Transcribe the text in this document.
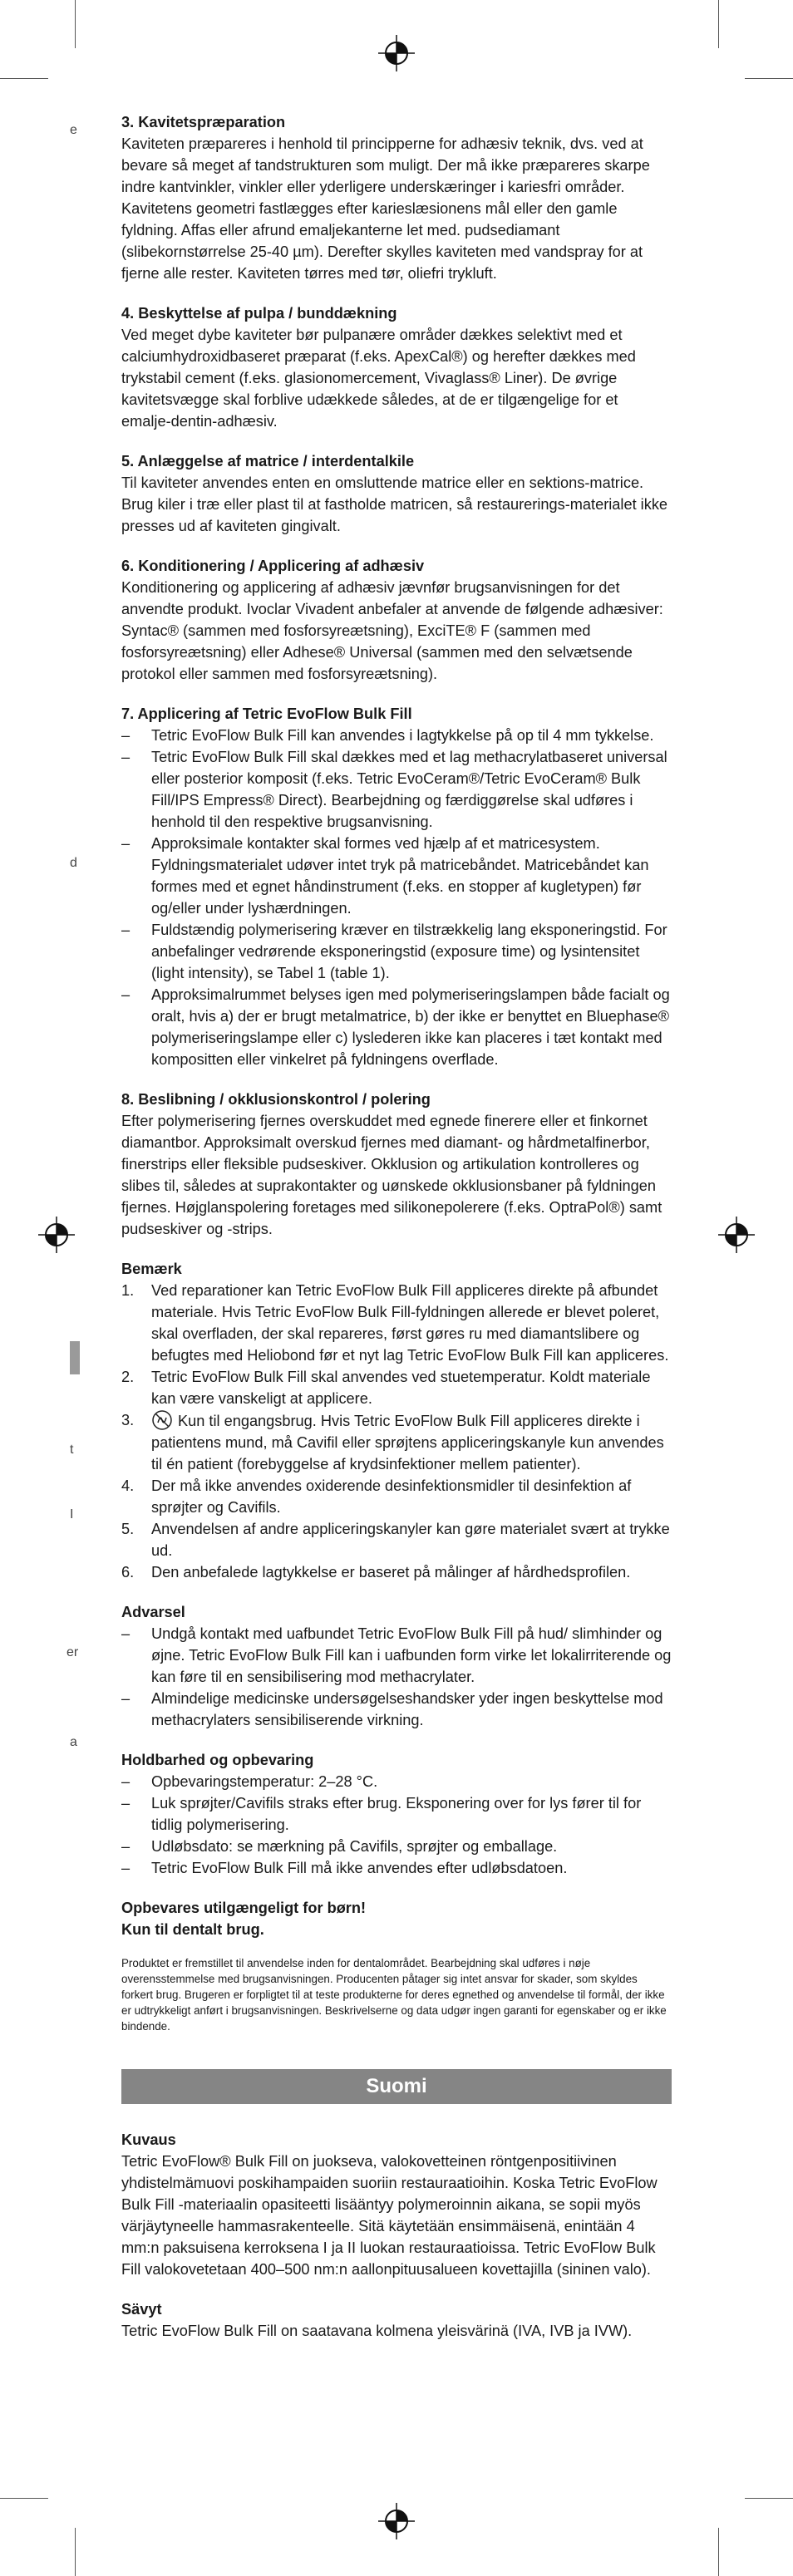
e
d
t
I
er
a

3. Kavitetspræparation

Kaviteten præpareres i henhold til principperne for adhæsiv teknik, dvs. ved at bevare så meget af tandstrukturen som muligt. Der må ikke præpareres skarpe indre kantvinkler, vinkler eller yderligere underskæringer i kariesfri områder. Kavitetens geometri fastlægges efter karieslæsionens mål eller den gamle fyldning. Affas eller afrund emaljekanterne let med. pudsediamant (slibekornstørrelse 25-40 µm). Derefter skylles kaviteten med vandspray for at fjerne alle rester. Kaviteten tørres med tør, oliefri trykluft.

4. Beskyttelse af pulpa / bunddækning

Ved meget dybe kaviteter bør pulpanære områder dækkes selektivt med et calciumhydroxidbaseret præparat (f.eks. ApexCal®) og herefter dækkes med trykstabil cement (f.eks. glasionomercement, Vivaglass® Liner). De øvrige kavitetsvægge skal forblive udækkede således, at de er tilgængelige for et emalje-dentin-adhæsiv.

5. Anlæggelse af matrice / interdentalkile

Til kaviteter anvendes enten en omsluttende matrice eller en sektions-matrice. Brug kiler i træ eller plast til at fastholde matricen, så restaurerings-materialet ikke presses ud af kaviteten gingivalt.

6. Konditionering / Applicering af adhæsiv

Konditionering og applicering af adhæsiv jævnfør brugsanvisningen for det anvendte produkt. Ivoclar Vivadent anbefaler at anvende de følgende adhæsiver: Syntac® (sammen med fosforsyreætsning), ExciTE® F (sammen med fosforsyreætsning) eller Adhese® Universal (sammen med den selvætsende protokol eller sammen med fosforsyreætsning).

7. Applicering af Tetric EvoFlow Bulk Fill

– Tetric EvoFlow Bulk Fill kan anvendes i lagtykkelse på op til 4 mm tykkelse.
– Tetric EvoFlow Bulk Fill skal dækkes med et lag methacrylatbaseret universal eller posterior komposit (f.eks. Tetric EvoCeram®/Tetric EvoCeram® Bulk Fill/IPS Empress® Direct). Bearbejdning og færdiggørelse skal udføres i henhold til den respektive brugsanvisning.
– Approksimale kontakter skal formes ved hjælp af et matricesystem. Fyldningsmaterialet udøver intet tryk på matricebåndet. Matricebåndet kan formes med et egnet håndinstrument (f.eks. en stopper af kugletypen) før og/eller under lyshærdningen.
– Fuldstændig polymerisering kræver en tilstrækkelig lang eksponeringstid. For anbefalinger vedrørende eksponeringstid (exposure time) og lysintensitet (light intensity), se Tabel 1 (table 1).
– Approksimalrummet belyses igen med polymeriseringslampen både facialt og oralt, hvis a) der er brugt metalmatrice, b) der ikke er benyttet en Bluephase® polymeriseringslampe eller c) lyslederen ikke kan placeres i tæt kontakt med kompositten eller vinkelret på fyldningens overflade.

8. Beslibning / okklusionskontrol / polering

Efter polymerisering fjernes overskuddet med egnede finerere eller et finkornet diamantbor. Approksimalt overskud fjernes med diamant- og hårdmetalfinerbor, finerstrips eller fleksible pudseskiver. Okklusion og artikulation kontrolleres og slibes til, således at suprakontakter og uønskede okklusionsbaner på fyldningen fjernes. Højglanspolering foretages med silikonepolerere (f.eks. OptraPol®) samt pudseskiver og -strips.

Bemærk

1. Ved reparationer kan Tetric EvoFlow Bulk Fill appliceres direkte på afbundet materiale. Hvis Tetric EvoFlow Bulk Fill-fyldningen allerede er blevet poleret, skal overfladen, der skal repareres, først gøres ru med diamantslibere og befugtes med Heliobond før et nyt lag Tetric EvoFlow Bulk Fill kan appliceres.
2. Tetric EvoFlow Bulk Fill skal anvendes ved stuetemperatur. Koldt materiale kan være vanskeligt at applicere.
3.	Kun til engangsbrug. Hvis Tetric EvoFlow Bulk Fill appliceres direkte i patientens mund, må Cavifil eller sprøjtens appliceringskanyle kun anvendes til én patient (forebyggelse af krydsinfektioner mellem patienter).
4. Der må ikke anvendes oxiderende desinfektionsmidler til desinfektion af sprøjter og Cavifils.
5. Anvendelsen af andre appliceringskanyler kan gøre materialet svært at trykke ud.
6. Den anbefalede lagtykkelse er baseret på målinger af hårdhedsprofilen.

Advarsel

– Undgå kontakt med uafbundet Tetric EvoFlow Bulk Fill på hud/ slimhinder og øjne. Tetric EvoFlow Bulk Fill kan i uafbunden form virke let lokalirriterende og kan føre til en sensibilisering mod methacrylater.
– Almindelige medicinske undersøgelseshandsker yder ingen beskyttelse mod methacrylaters sensibiliserende virkning.

Holdbarhed og opbevaring

– Opbevaringstemperatur: 2–28 °C.
– Luk sprøjter/Cavifils straks efter brug. Eksponering over for lys fører til for tidlig polymerisering.
– Udløbsdato: se mærkning på Cavifils, sprøjter og emballage.
– Tetric EvoFlow Bulk Fill må ikke anvendes efter udløbsdatoen.

Opbevares utilgængeligt for børn!

Kun til dentalt brug.

Produktet er fremstillet til anvendelse inden for dentalområdet. Bearbejdning skal udføres i nøje overensstemmelse med brugsanvisningen. Producenten påtager sig intet ansvar for skader, som skyldes forkert brug. Brugeren er forpligtet til at teste produkterne for deres egnethed og anvendelse til formål, der ikke er udtrykkeligt anført i brugsanvisningen. Beskrivelserne og data udgør ingen garanti for egenskaber og er ikke bindende.

Suomi

Kuvaus

Tetric EvoFlow® Bulk Fill on juokseva, valokovetteinen röntgenpositiivinen yhdistelmämuovi poskihampaiden suoriin restauraatioihin. Koska Tetric EvoFlow Bulk Fill -materiaalin opasiteetti lisääntyy polymeroinnin aikana, se sopii myös värjäytyneelle hammasrakenteelle. Sitä käytetään ensimmäisenä, enintään 4 mm:n paksuisena kerroksena I ja II luokan restauraatioissa. Tetric EvoFlow Bulk Fill valokovetetaan 400–500 nm:n aallonpituusalueen kovettajilla (sininen valo).

Sävyt

Tetric EvoFlow Bulk Fill on saatavana kolmena yleisvärinä (IVA, IVB ja IVW).
